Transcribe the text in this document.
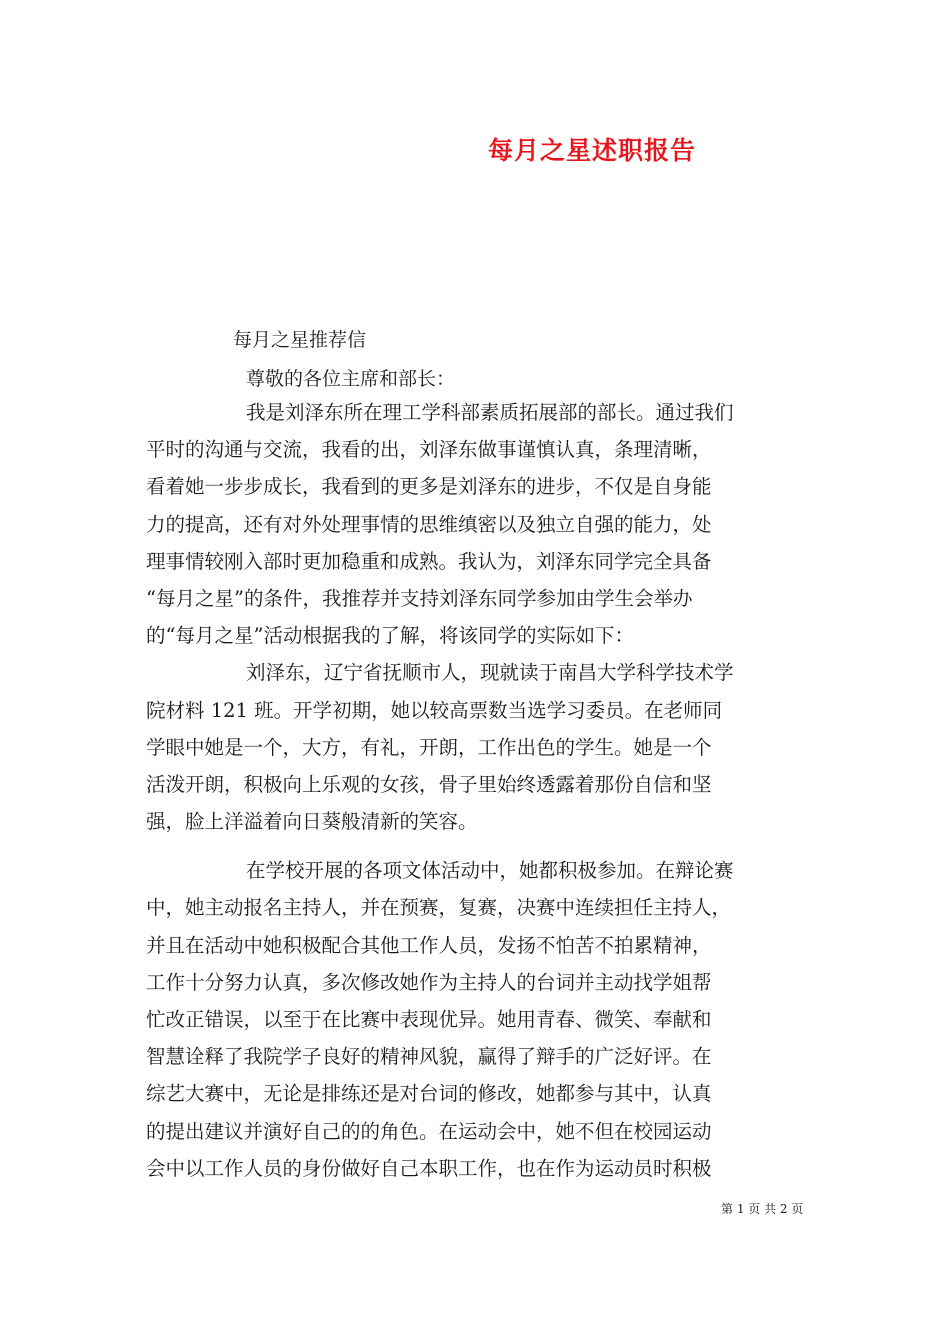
每月之星述职报告
每月之星推荐信
尊敬的各位主席和部长：
我是刘泽东所在理工学科部素质拓展部的部长。通过我们
平时的沟通与交流，我看的出，刘泽东做事谨慎认真，条理清晰，
看着她一步步成长，我看到的更多是刘泽东的进步，不仅是自身能
力的提高，还有对外处理事情的思维缜密以及独立自强的能力，处
理事情较刚入部时更加稳重和成熟。我认为，刘泽东同学完全具备
“每月之星”的条件，我推荐并支持刘泽东同学参加由学生会举办
的“每月之星”活动根据我的了解，将该同学的实际如下：
刘泽东，辽宁省抚顺市人，现就读于南昌大学科学技术学
院材料 121 班。开学初期，她以较高票数当选学习委员。在老师同
学眼中她是一个，大方，有礼，开朗，工作出色的学生。她是一个
活泼开朗，积极向上乐观的女孩，骨子里始终透露着那份自信和坚
强，脸上洋溢着向日葵般清新的笑容。
在学校开展的各项文体活动中，她都积极参加。在辩论赛
中，她主动报名主持人，并在预赛，复赛，决赛中连续担任主持人，
并且在活动中她积极配合其他工作人员，发扬不怕苦不拍累精神，
工作十分努力认真，多次修改她作为主持人的台词并主动找学姐帮
忙改正错误，以至于在比赛中表现优异。她用青春、微笑、奉献和
智慧诠释了我院学子良好的精神风貌，赢得了辩手的广泛好评。在
综艺大赛中，无论是排练还是对台词的修改，她都参与其中，认真
的提出建议并演好自己的的角色。在运动会中，她不但在校园运动
会中以工作人员的身份做好自己本职工作，也在作为运动员时积极
第 1 页 共 2 页
